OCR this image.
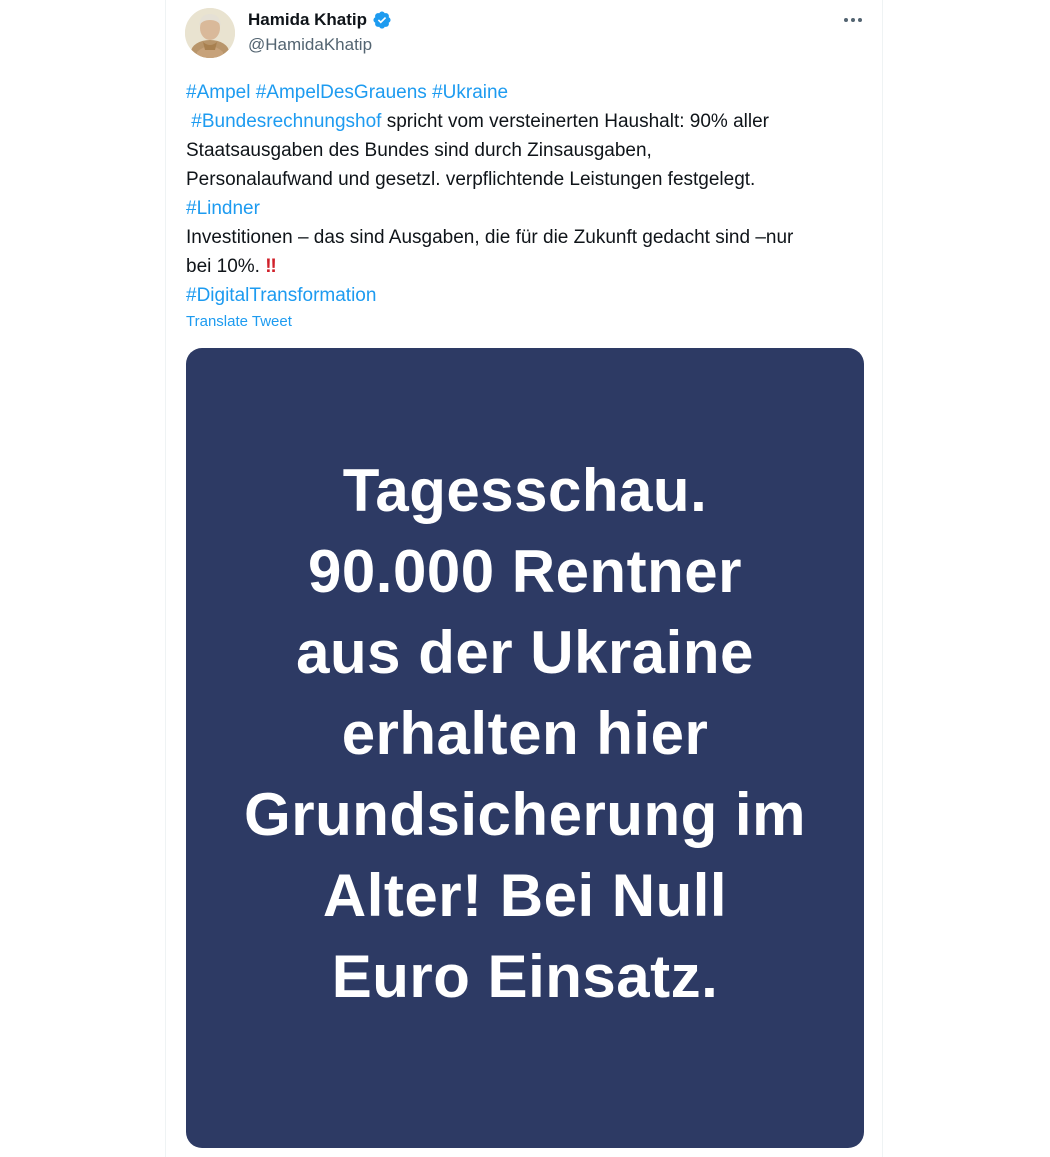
Hamida Khatip
@HamidaKhatip
#Ampel #AmpelDesGrauens #Ukraine
#Bundesrechnungshof spricht vom versteinerten Haushalt: 90% aller
Staatsausgaben des Bundes sind durch Zinsausgaben,
Personalaufwand und gesetzl. verpflichtende Leistungen festgelegt.
#Lindner
Investitionen – das sind Ausgaben, die für die Zukunft gedacht sind –nur
bei 10%. ‼
#DigitalTransformation
Translate Tweet
Tagesschau.
90.000 Rentner
aus der Ukraine
erhalten hier
Grundsicherung im
Alter! Bei Null
Euro Einsatz.
